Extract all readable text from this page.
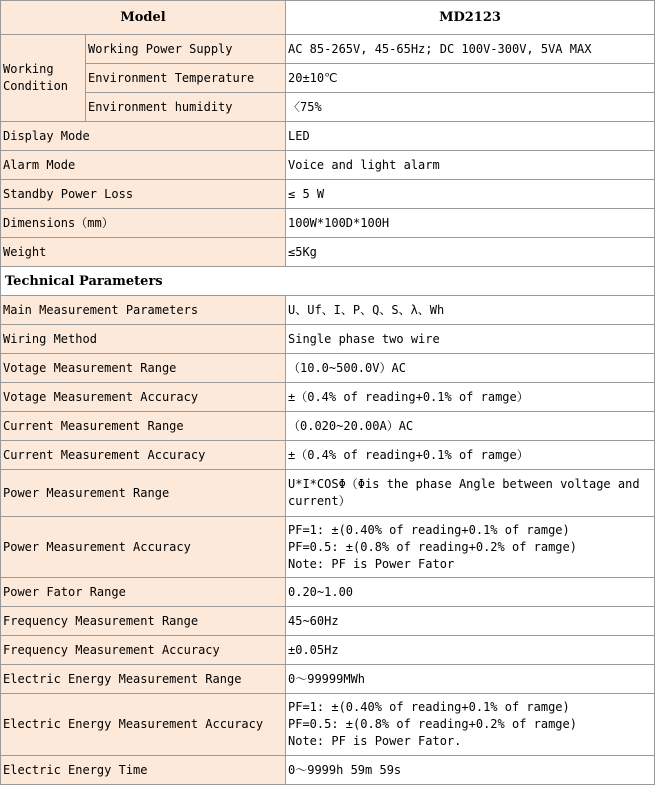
Model		MD2123
Working Condition	Working Power Supply	AC 85-265V, 45-65Hz; DC 100V-300V, 5VA MAX
	Environment Temperature	20±10℃
	Environment humidity	〈75%
Display Mode		LED
Alarm Mode		Voice and light alarm
Standby Power Loss		≤ 5 W
Dimensions（mm）		100W*100D*100H
Weight		≤5Kg
Technical Parameters		
Main Measurement Parameters		U、Uf、I、P、Q、S、λ、Wh
Wiring Method		Single phase two wire
Votage Measurement Range		（10.0~500.0V）AC
Votage Measurement Accuracy		±（0.4% of reading+0.1% of ramge）
Current Measurement Range		（0.020~20.00A）AC
Current Measurement Accuracy		±（0.4% of reading+0.1% of ramge）
Power Measurement Range		U*I*COSΦ（Φis the phase Angle between voltage and current）
Power Measurement Accuracy		PF=1: ±(0.40% of reading+0.1% of ramge)
PF=0.5: ±(0.8% of reading+0.2% of ramge)
Note: PF is Power Fator

Power Fator Range		0.20~1.00
Frequency Measurement Range		45~60Hz
Frequency Measurement Accuracy		±0.05Hz
Electric Energy Measurement Range		0～99999MWh
Electric Energy Measurement Accuracy		PF=1: ±(0.40% of reading+0.1% of ramge)
PF=0.5: ±(0.8% of reading+0.2% of ramge)
Note: PF is Power Fator.

Electric Energy Time		0～9999h 59m 59s
